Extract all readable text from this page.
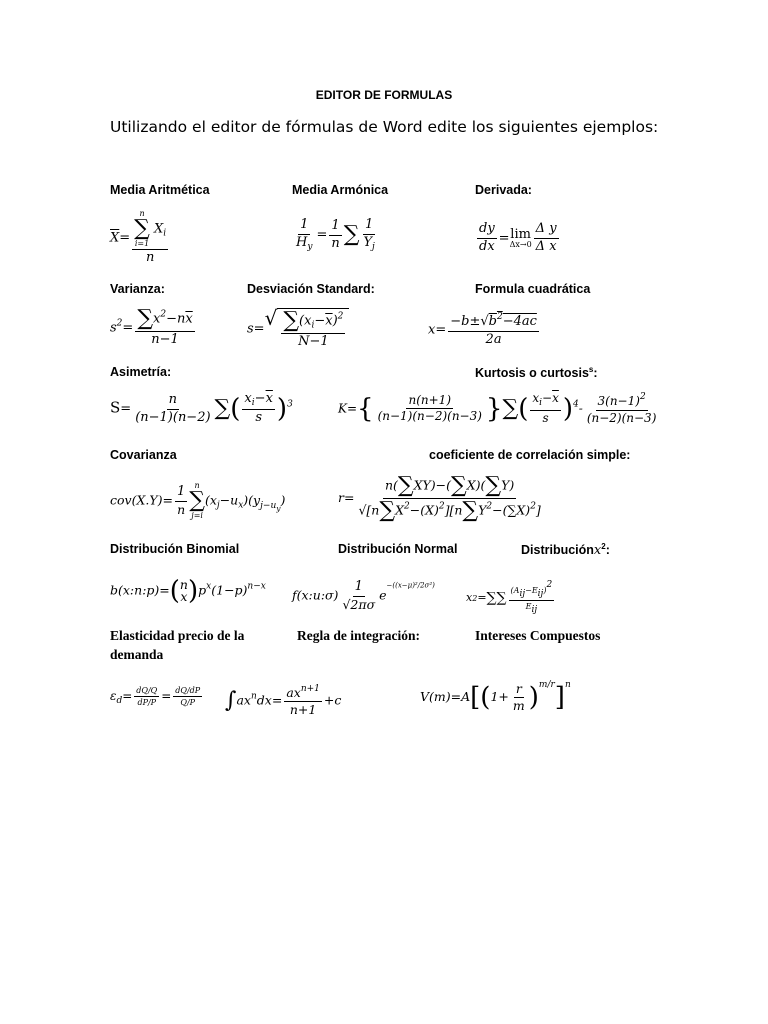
EDITOR DE FORMULAS
Utilizando el editor de fórmulas de Word edite los siguientes ejemplos:
Media Aritmética	Media Armónica	Derivada:
$\overline{X}= n$
∑
i=1
$X_i$
n	$\frac{1}{H_y} = \frac{1}{n}$ ∑ $\frac{1}{Y_j}$	$\frac{dy}{dx} = \lim$
$\Delta x\to 0 \frac{\text{Δ y}}{\text{Δ x}}$
Varianza:	Desviación Standard:	Formula cuadrática
$s^2= \frac{\sum x^2-n\overline{x}}{n-1}$	s= √ $\frac{\sum(x_i-\overline{x})^2}{N-1}$	$x= \frac{-b\pm√b^2-4ac}{2a}$
Asimetría:	Kurtosis o curtosis$^s$:
$S= \frac{n}{(n-1)(n-2)}$ ∑( $\frac{x_i-\overline{x}}{s} )^3$	$K=\{ \frac{n(n+1)}{(n-1)(n-2)(n-3)}$ }∑( $\frac{x_i-\overline{x}}{s} )^4- \frac{3(n-1)^2}{(n-2)(n-3)}$
Covarianza	coeficiente de correlación simple:
$cov(X.Y)= \frac{1}{n}$ n
∑
j=i
$(x_j-u_x)(y_{j-u_y})$	$r= \frac{n(\sum XY)-(\sum X)(\sum Y)}{√[n\sum X^2-(X)^2][n\sum Y^2-(\sum X)^2]}$
Distribución Binomial	Distribución Normal	Distribuciónx$^2$:
b(x:n:p)=( n
x )$p^x(1-p)^{n-x}$
f(x:u:σ) $\frac{1}{√2\pi\sigma} e^{-((x-\mu)^2/2\sigma^2)}$
$x2=\sum\sum \frac{\text{(Aij−Eij)2}}{\text{Eij}}$
Elasticidad precio de la
demanda
Regla de integración:	Intereses Compuestos
$\varepsilon_d= \frac{dQ/Q}{dP/P} = \frac{dQ/dP}{Q/P} \int ax^ndx= \frac{ax^{n+1}}{n+1} +c$	$V(m)=A[(1+ \frac{r}{m} )^{m/r}]^n$
